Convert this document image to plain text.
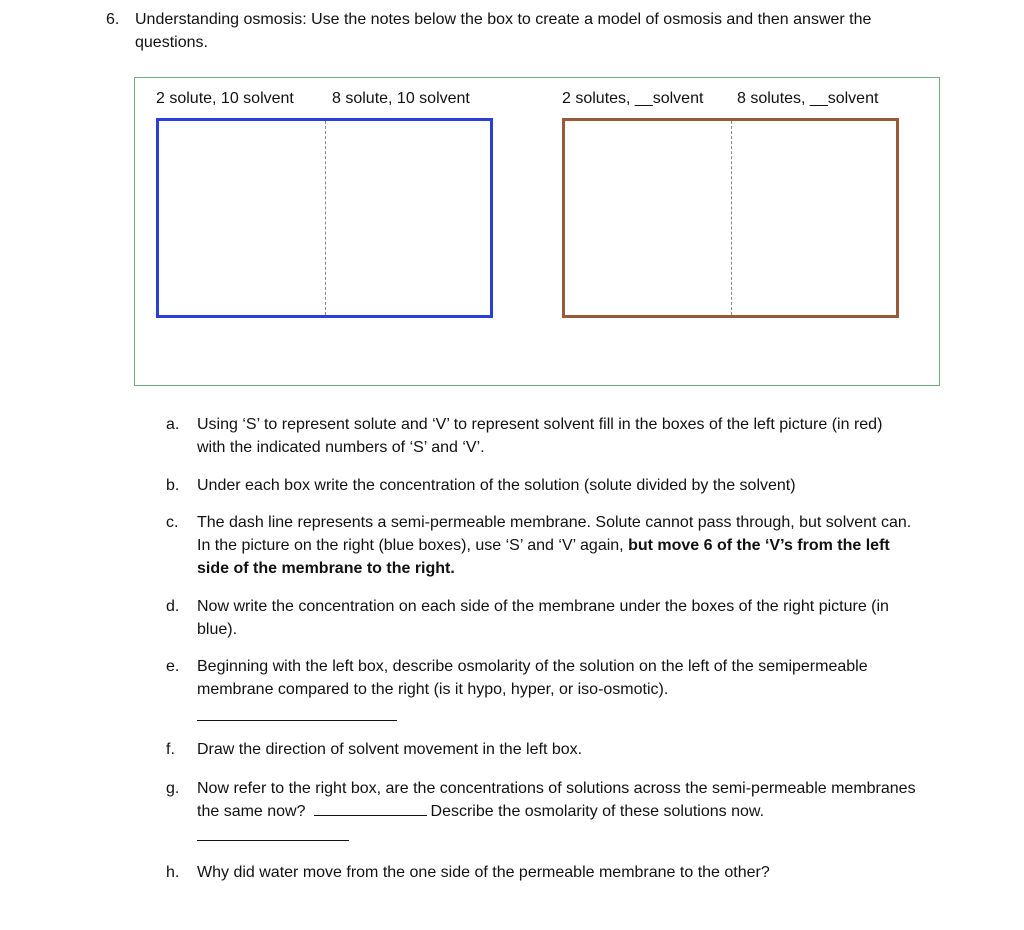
6. Understanding osmosis: Use the notes below the box to create a model of osmosis and then answer the questions.
2 solute, 10 solvent 8 solute, 10 solvent	2 solutes, __solvent 8 solutes, __solvent
a. Using ‘S’ to represent solute and ‘V’ to represent solvent fill in the boxes of the left picture (in red) with the indicated numbers of ‘S’ and ‘V’.
b. Under each box write the concentration of the solution (solute divided by the solvent)
c. The dash line represents a semi-permeable membrane. Solute cannot pass through, but solvent can. In the picture on the right (blue boxes), use ‘S’ and ‘V’ again, but move 6 of the ‘V’s from the left side of the membrane to the right.
d. Now write the concentration on each side of the membrane under the boxes of the right picture (in blue).
e. Beginning with the left box, describe osmolarity of the solution on the left of the semipermeable membrane compared to the right (is it hypo, hyper, or iso-osmotic).
f. Draw the direction of solvent movement in the left box.
g. Now refer to the right box, are the concentrations of solutions across the semi-permeable membranes the same now?	Describe the osmolarity of these solutions now.
h. Why did water move from the one side of the permeable membrane to the other?
